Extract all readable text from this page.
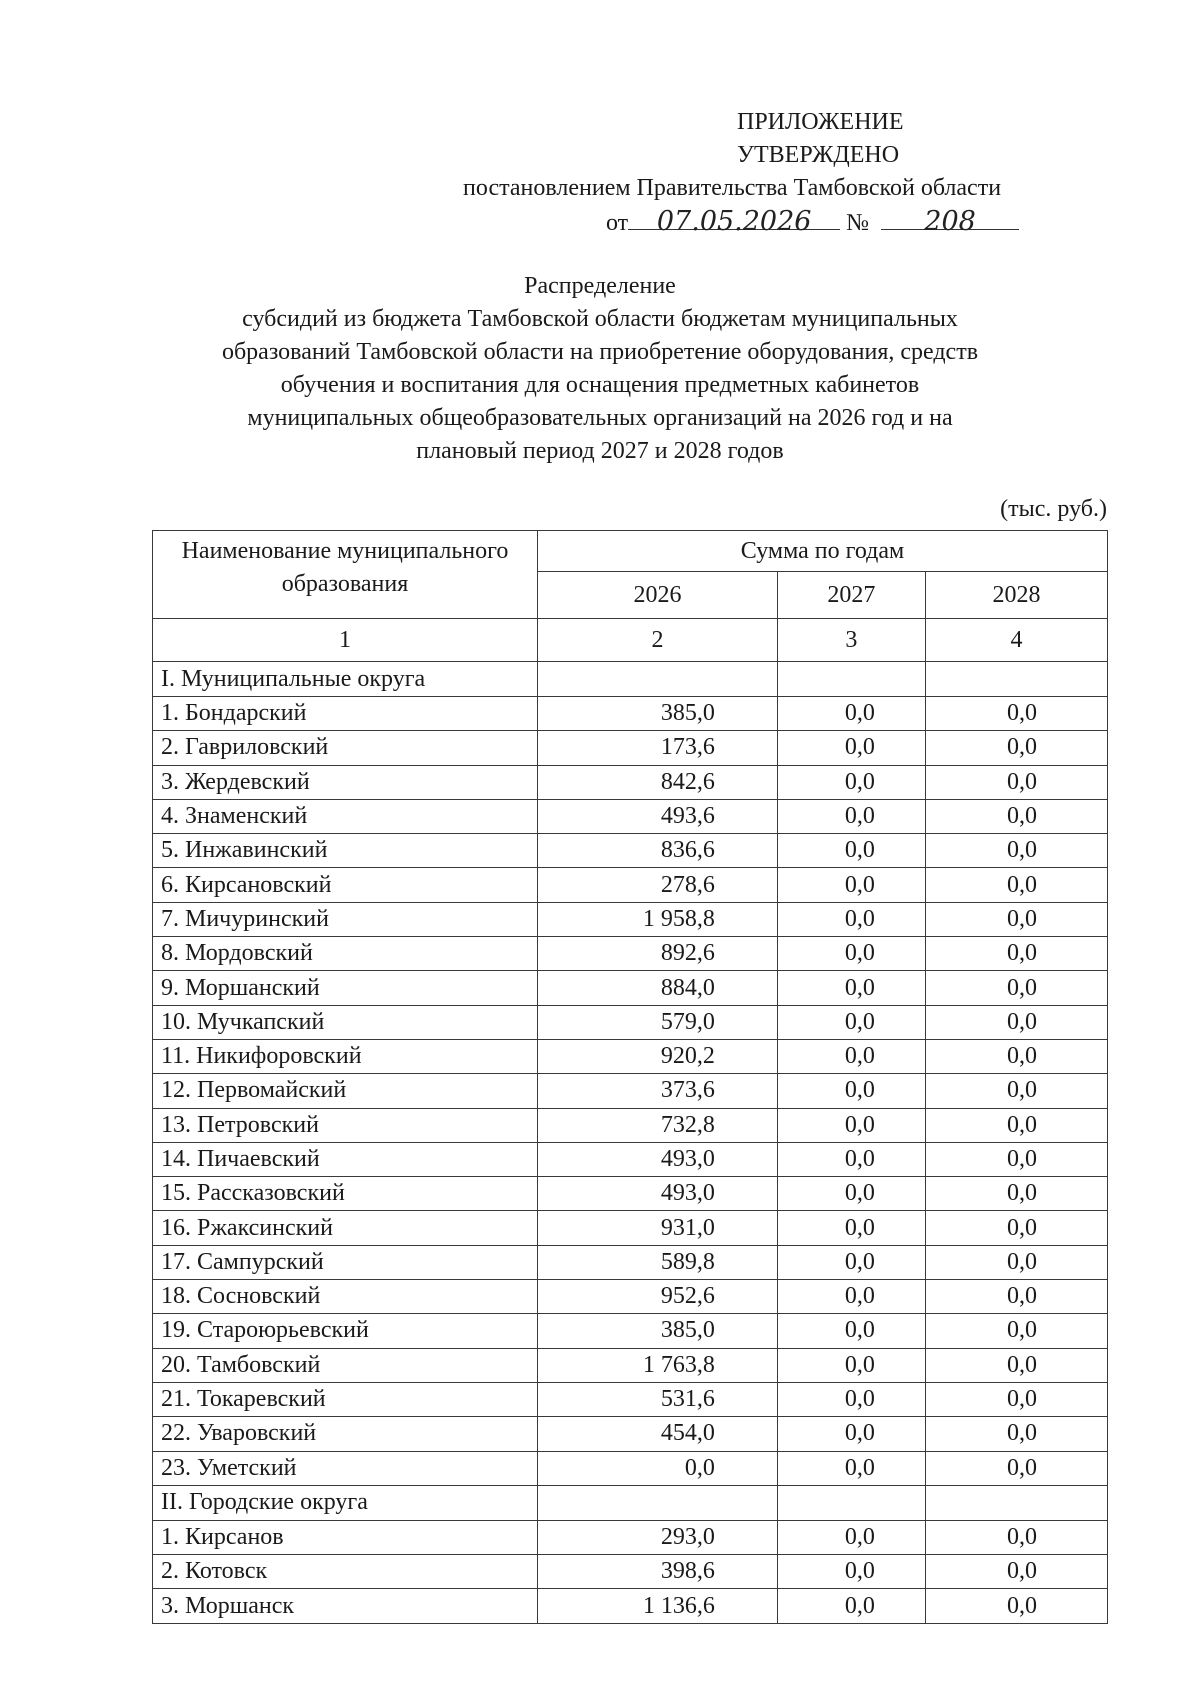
ПРИЛОЖЕНИЕ
УТВЕРЖДЕНО
постановлением Правительства Тамбовской области
от 07.05.2026 № 208
Распределение
субсидий из бюджета Тамбовской области бюджетам муниципальных
образований Тамбовской области на приобретение оборудования, средств
обучения и воспитания для оснащения предметных кабинетов
муниципальных общеобразовательных организаций на 2026 год и на
плановый период 2027 и 2028 годов
(тыс. руб.)
Наименование муниципального образования	Сумма по годам		
	2026	2027	2028
1	2	3	4
I. Муниципальные округа			
1. Бондарский	385,0	0,0	0,0
2. Гавриловский	173,6	0,0	0,0
3. Жердевский	842,6	0,0	0,0
4. Знаменский	493,6	0,0	0,0
5. Инжавинский	836,6	0,0	0,0
6. Кирсановский	278,6	0,0	0,0
7. Мичуринский	1 958,8	0,0	0,0
8. Мордовский	892,6	0,0	0,0
9. Моршанский	884,0	0,0	0,0
10. Мучкапский	579,0	0,0	0,0
11. Никифоровский	920,2	0,0	0,0
12. Первомайский	373,6	0,0	0,0
13. Петровский	732,8	0,0	0,0
14. Пичаевский	493,0	0,0	0,0
15. Рассказовский	493,0	0,0	0,0
16. Ржаксинский	931,0	0,0	0,0
17. Сампурский	589,8	0,0	0,0
18. Сосновский	952,6	0,0	0,0
19. Староюрьевский	385,0	0,0	0,0
20. Тамбовский	1 763,8	0,0	0,0
21. Токаревский	531,6	0,0	0,0
22. Уваровский	454,0	0,0	0,0
23. Уметский	0,0	0,0	0,0
II. Городские округа			
1. Кирсанов	293,0	0,0	0,0
2. Котовск	398,6	0,0	0,0
3. Моршанск	1 136,6	0,0	0,0
